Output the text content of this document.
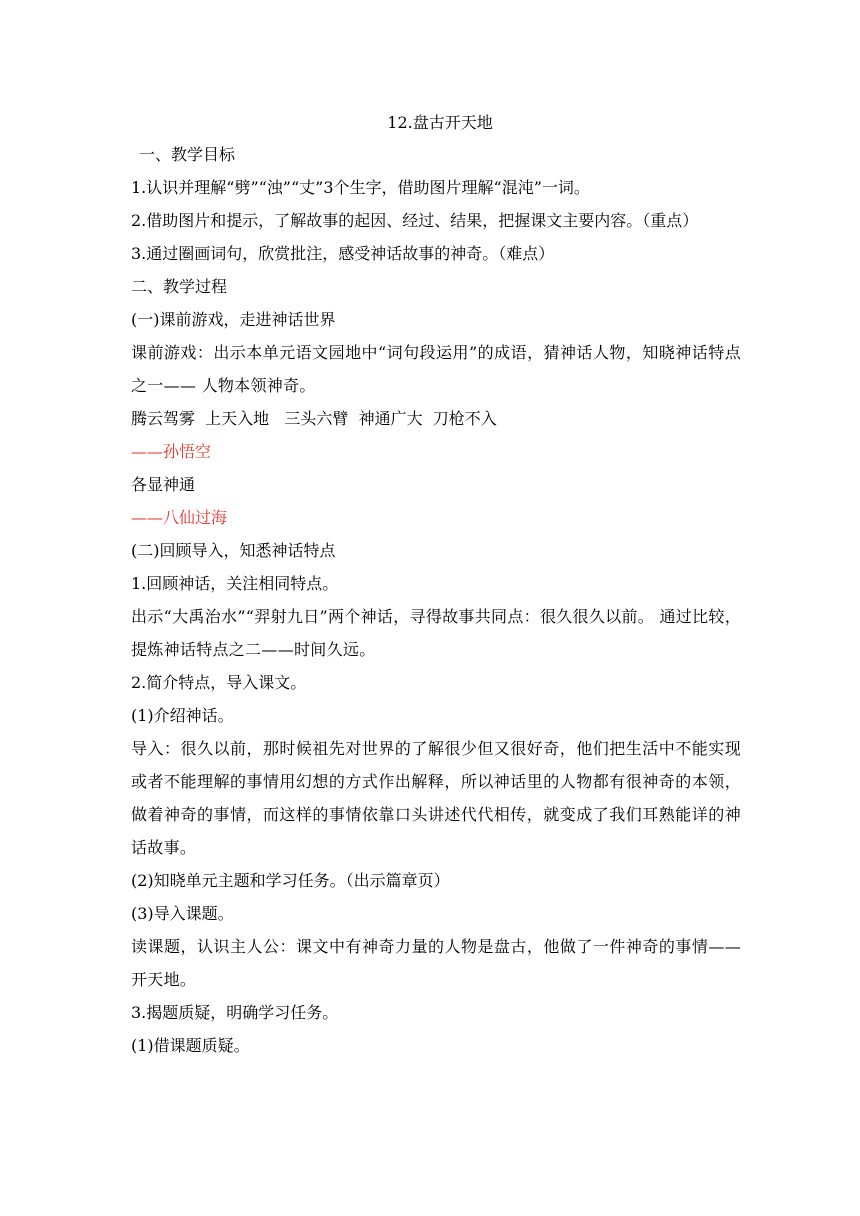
12.盘古开天地

一、教学目标

1.认识并理解“劈”“浊”“丈”3个生字，借助图片理解“混沌”一词。

2.借助图片和提示，了解故事的起因、经过、结果，把握课文主要内容。（重点）

3.通过圈画词句，欣赏批注，感受神话故事的神奇。（难点）

二、教学过程

(一)课前游戏，走进神话世界

课前游戏：出示本单元语文园地中“词句段运用”的成语，猜神话人物，知晓神话特点之一—— 人物本领神奇。

腾云驾雾  上天入地   三头六臂  神通广大  刀枪不入

——孙悟空

各显神通

——八仙过海

(二)回顾导入，知悉神话特点

1.回顾神话，关注相同特点。

出示“大禹治水”“羿射九日”两个神话，寻得故事共同点：很久很久以前。 通过比较，提炼神话特点之二——时间久远。

2.简介特点，导入课文。

(1)介绍神话。

导入：很久以前，那时候祖先对世界的了解很少但又很好奇，他们把生活中不能实现或者不能理解的事情用幻想的方式作出解释，所以神话里的人物都有很神奇的本领，做着神奇的事情，而这样的事情依靠口头讲述代代相传，就变成了我们耳熟能详的神话故事。

(2)知晓单元主题和学习任务。（出示篇章页）

(3)导入课题。

读课题，认识主人公：课文中有神奇力量的人物是盘古，他做了一件神奇的事情——开天地。

3.揭题质疑，明确学习任务。

(1)借课题质疑。
